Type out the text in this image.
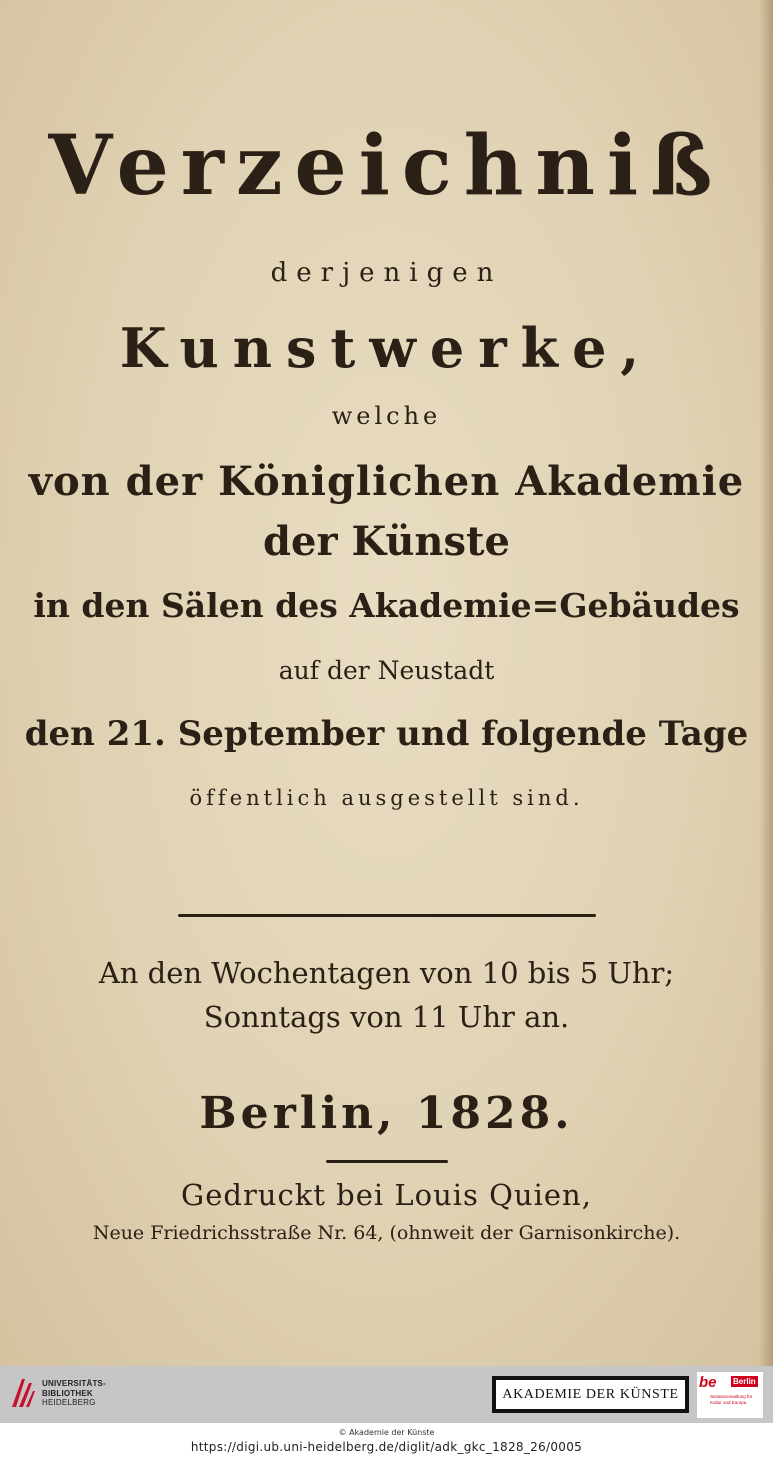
Verzeichniß
derjenigen
Kunstwerke,
welche
von der Königlichen Akademie
der Künste
in den Sälen des Akademie=Gebäudes
auf der Neustadt
den 21. September und folgende Tage
öffentlich ausgestellt sind.
An den Wochentagen von 10 bis 5 Uhr;
Sonntags von 11 Uhr an.
Berlin, 1828.
Gedruckt bei Louis Quien,
Neue Friedrichsstraße Nr. 64, (ohnweit der Garnisonkirche).
UNIVERSITÄTS-
BIBLIOTHEK
HEIDELBERG
AKADEMIE DER KÜNSTE
be Berlin
Senatsverwaltung für Kultur und Europa
© Akademie der Künste
https://digi.ub.uni-heidelberg.de/diglit/adk_gkc_1828_26/0005
